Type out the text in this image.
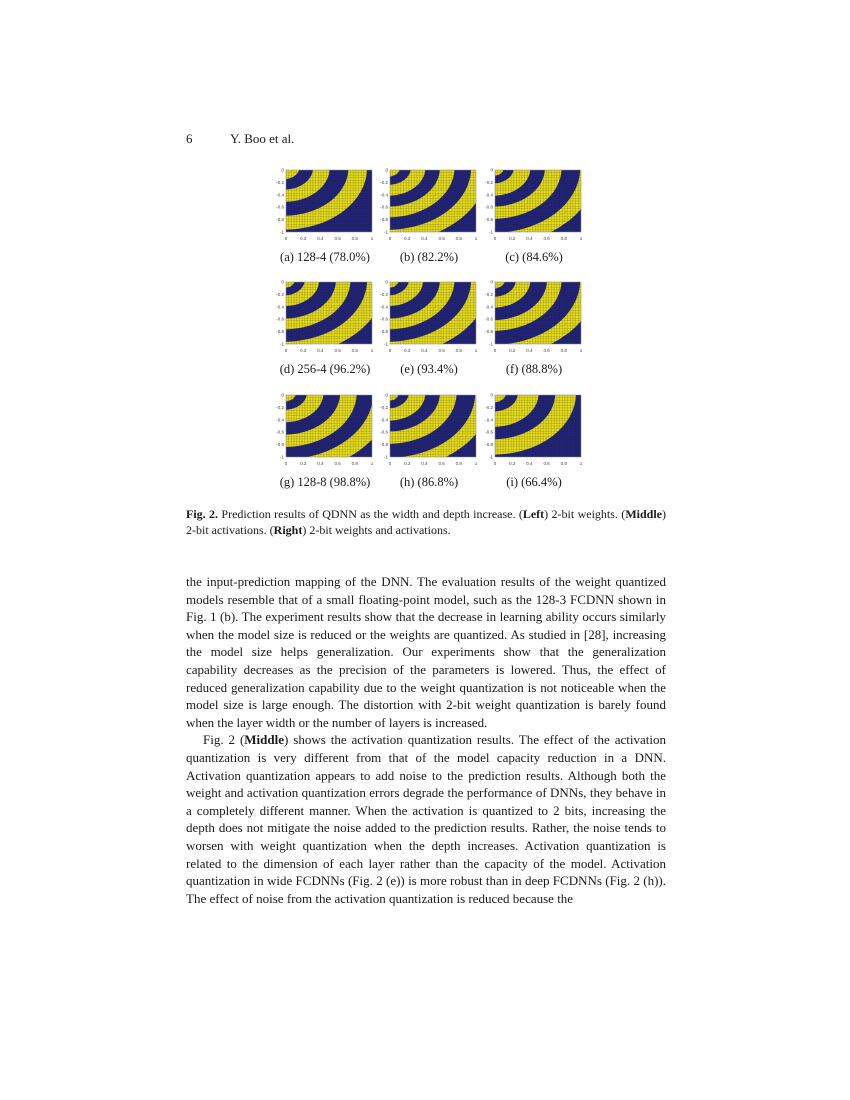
6	Y. Boo et al.
0	0.2 0.4 0.6 0.8	1
0
-0.2
-0.4
-0.6
-0.8
-1
(a) 128-4 (78.0%)
0	0.2 0.4 0.6 0.8	1
0
-0.2
-0.4
-0.6
-0.8
-1
(b) (82.2%)
0	0.2 0.4 0.6 0.8	1
0
-0.2
-0.4
-0.6
-0.8
-1
(c) (84.6%)
0	0.2 0.4 0.6 0.8	1
0
-0.2
-0.4
-0.6
-0.8
-1
(d) 256-4 (96.2%)
0	0.2 0.4 0.6 0.8	1
0
-0.2
-0.4
-0.6
-0.8
-1
(e) (93.4%)
0	0.2 0.4 0.6 0.8	1
0
-0.2
-0.4
-0.6
-0.8
-1
(f) (88.8%)
0	0.2 0.4 0.6 0.8	1
0
-0.2
-0.4
-0.6
-0.8
-1
(g) 128-8 (98.8%)
0	0.2 0.4 0.6 0.8	1
0
-0.2
-0.4
-0.6
-0.8
-1
(h) (86.8%)
0	0.2 0.4 0.6 0.8	1
0
-0.2
-0.4
-0.6
-0.8
-1
(i) (66.4%)
Fig. 2. Prediction results of QDNN as the width and depth increase. (Left) 2-bit weights. (Middle) 2-bit activations. (Right) 2-bit weights and activations.

the input-prediction mapping of the DNN. The evaluation results of the weight quantized models resemble that of a small floating-point model, such as the 128-3 FCDNN shown in Fig. 1 (b). The experiment results show that the decrease in learning ability occurs similarly when the model size is reduced or the weights are quantized. As studied in [28], increasing the model size helps generalization. Our experiments show that the generalization capability decreases as the precision of the parameters is lowered. Thus, the effect of reduced generalization capability due to the weight quantization is not noticeable when the model size is large enough. The distortion with 2-bit weight quantization is barely found when the layer width or the number of layers is increased.

Fig. 2 (Middle) shows the activation quantization results. The effect of the activation quantization is very different from that of the model capacity reduction in a DNN. Activation quantization appears to add noise to the prediction results. Although both the weight and activation quantization errors degrade the performance of DNNs, they behave in a completely different manner. When the activation is quantized to 2 bits, increasing the depth does not mitigate the noise added to the prediction results. Rather, the noise tends to worsen with weight quantization when the depth increases. Activation quantization is related to the dimension of each layer rather than the capacity of the model. Activation quantization in wide FCDNNs (Fig. 2 (e)) is more robust than in deep FCDNNs (Fig. 2 (h)). The effect of noise from the activation quantization is reduced because the
